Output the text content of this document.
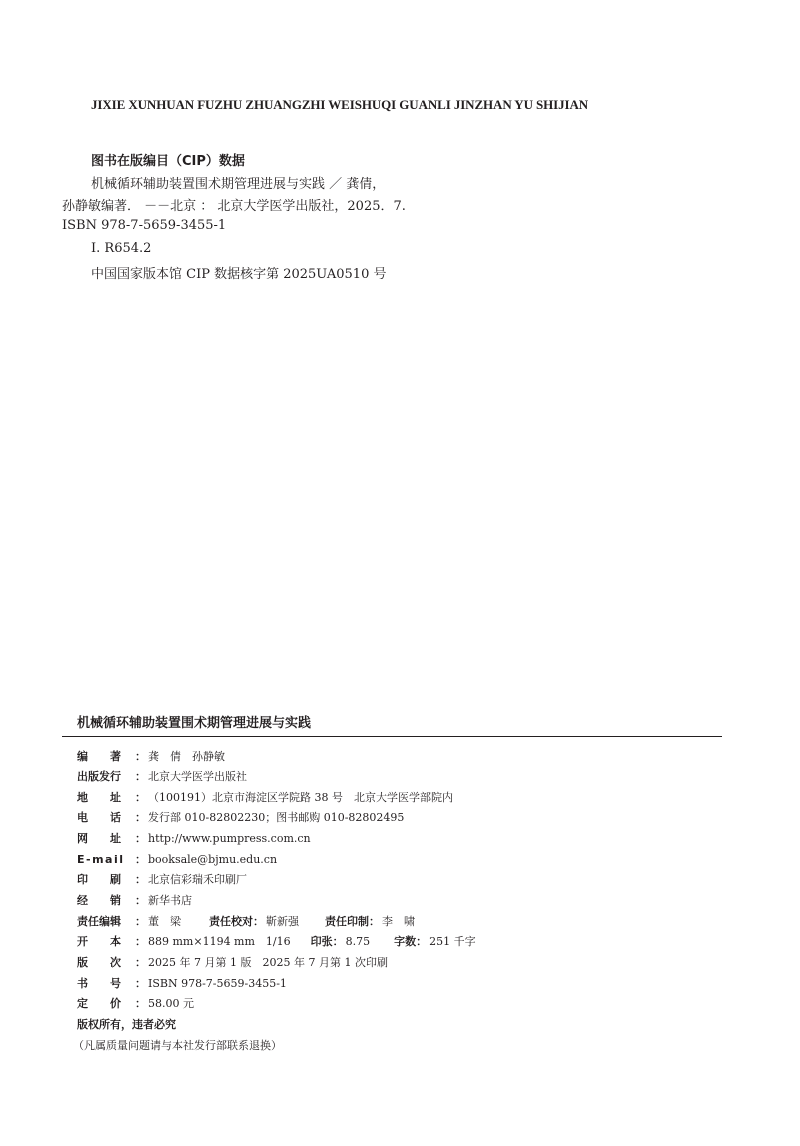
JIXIE XUNHUAN FUZHU ZHUANGZHI WEISHUQI GUANLI JINZHAN YU SHIJIAN
图书在版编目（CIP）数据
机械循环辅助装置围术期管理进展与实践 ／ 龚倩，
孙静敏编著． －－北京 ： 北京大学医学出版社，2025．7.
ISBN 978-7-5659-3455-1
Ⅰ. R654.2
中国国家版本馆 CIP 数据核字第 2025UA0510 号
机械循环辅助装置围术期管理进展与实践
编　　著	： 龚　倩　孙静敏
出版发行	： 北京大学医学出版社
地　　址	： （100191）北京市海淀区学院路 38 号　北京大学医学部院内
电　　话	： 发行部 010-82802230；图书邮购 010-82802495
网　　址	： http://www.pumpress.com.cn
E-mail ： booksale@bjmu.edu.cn
印　　刷	： 北京信彩瑞禾印刷厂
经　　销	： 新华书店
责任编辑	： 董　梁	责任校对 ： 靳新强 责任印制 ： 李　啸
开　　本	： 889 mm×1194 mm　1/16 印张 ： 8.75 字数 ： 251 千字
版　　次	： 2025 年 7 月第 1 版　2025 年 7 月第 1 次印刷
书　　号	： ISBN 978-7-5659-3455-1
定　　价	： 58.00 元
版权所有，违者必究
（凡属质量问题请与本社发行部联系退换）
